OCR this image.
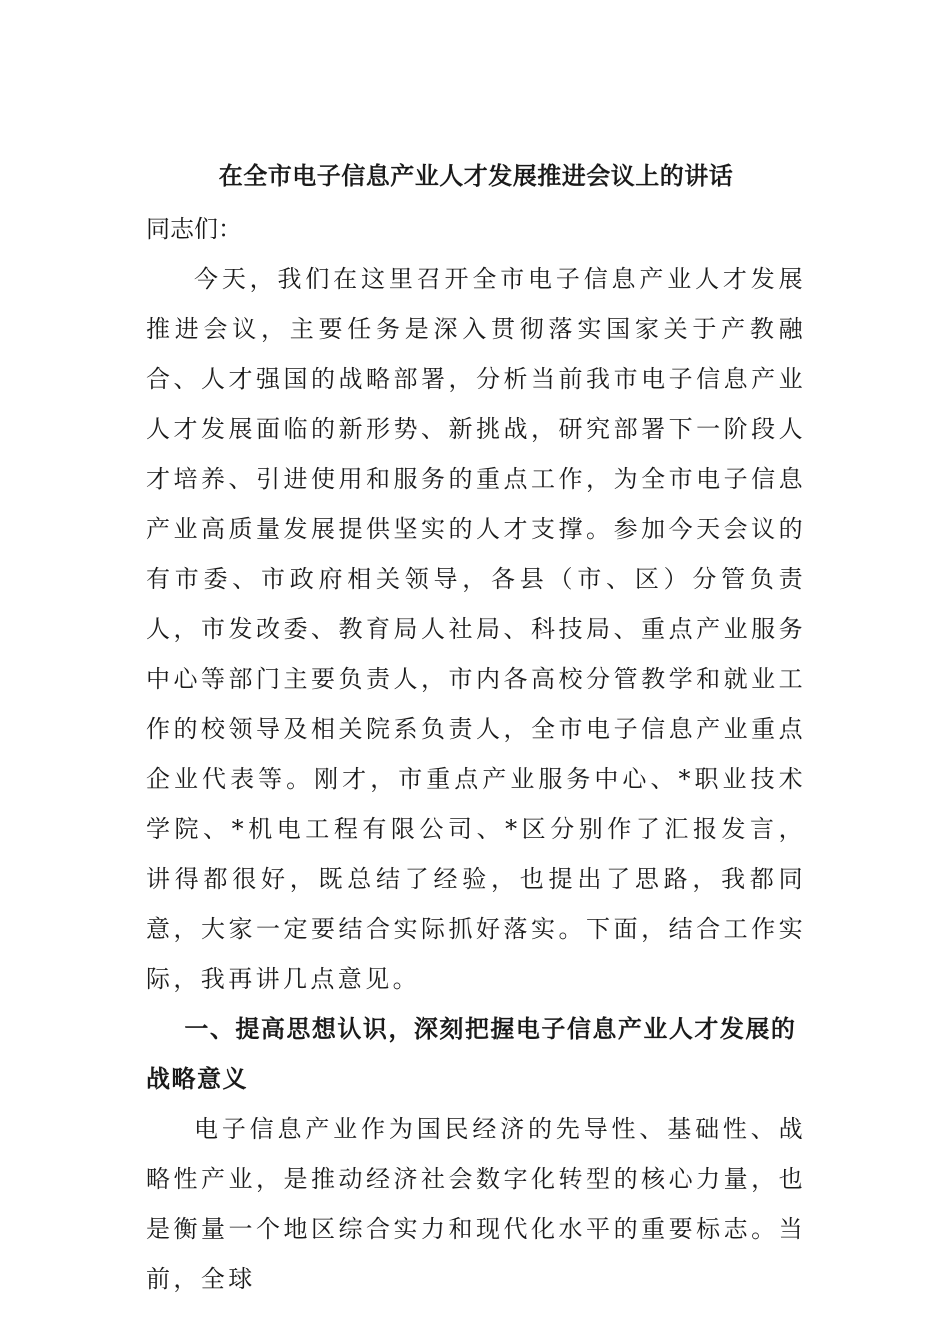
在全市电子信息产业人才发展推进会议上的讲话

同志们：

今天，我们在这里召开全市电子信息产业人才发展推进会议，主要任务是深入贯彻落实国家关于产教融合、人才强国的战略部署，分析当前我市电子信息产业人才发展面临的新形势、新挑战，研究部署下一阶段人才培养、引进使用和服务的重点工作，为全市电子信息产业高质量发展提供坚实的人才支撑。参加今天会议的有市委、市政府相关领导，各县（市、区）分管负责人，市发改委、教育局人社局、科技局、重点产业服务中心等部门主要负责人，市内各高校分管教学和就业工作的校领导及相关院系负责人，全市电子信息产业重点企业代表等。刚才，市重点产业服务中心、*职业技术学院、*机电工程有限公司、*区分别作了汇报发言，讲得都很好，既总结了经验，也提出了思路，我都同意，大家一定要结合实际抓好落实。下面，结合工作实际，我再讲几点意见。

一、提高思想认识，深刻把握电子信息产业人才发展的战略意义

电子信息产业作为国民经济的先导性、基础性、战略性产业，是推动经济社会数字化转型的核心力量，也是衡量一个地区综合实力和现代化水平的重要标志。当前，全球
